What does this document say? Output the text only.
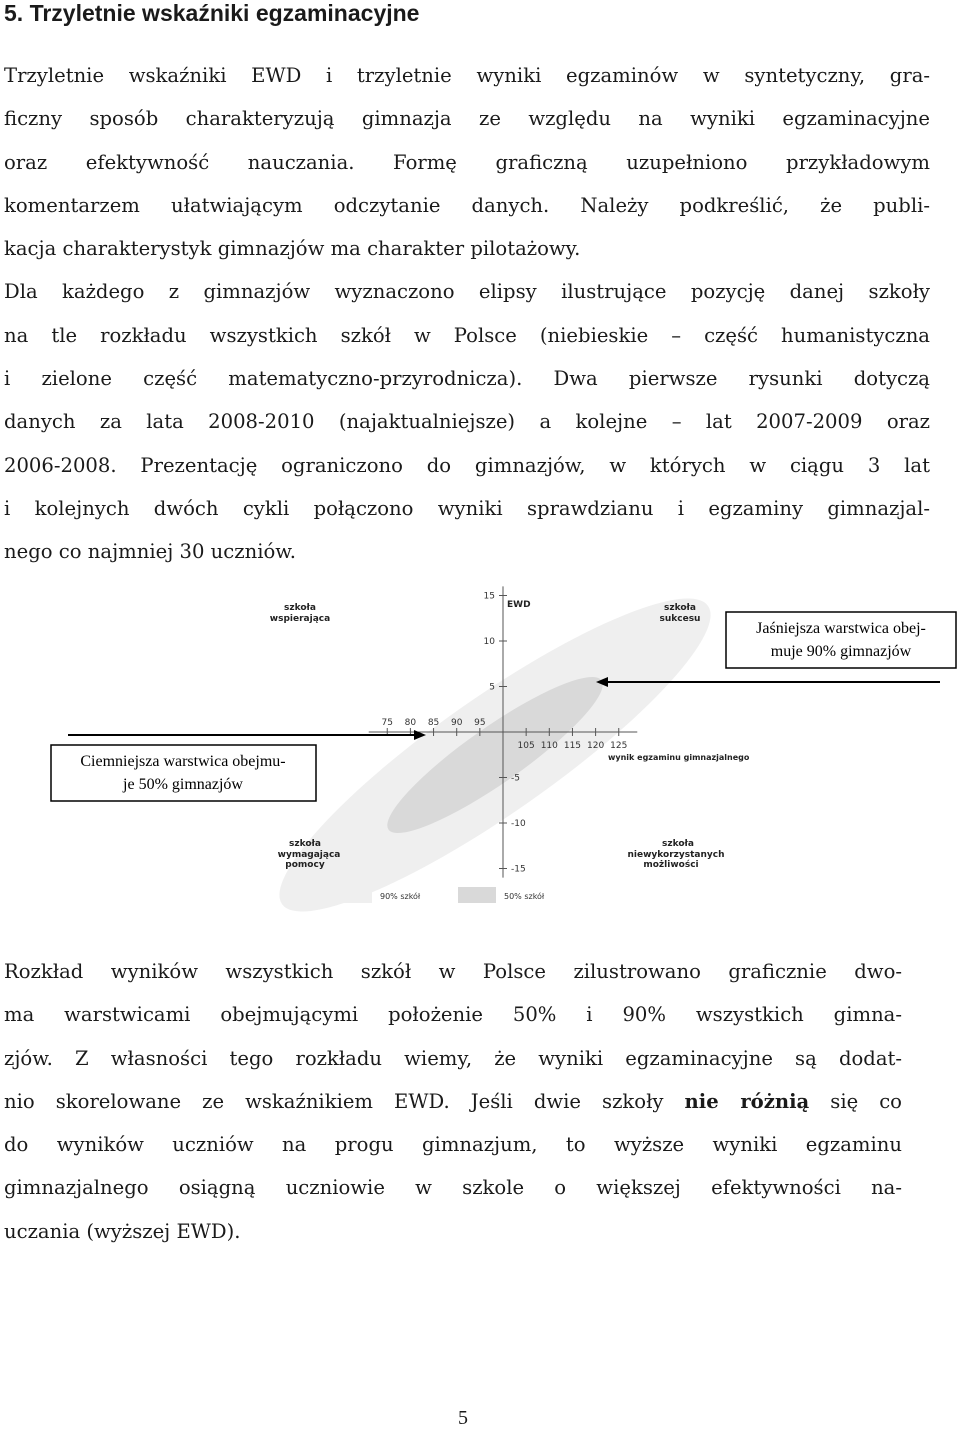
5. Trzyletnie wskaźniki egzaminacyjne
Trzyletnie wskaźniki EWD i trzyletnie wyniki egzaminów w syntetyczny, gra-
ficzny sposób charakteryzują gimnazja ze względu na wyniki egzaminacyjne
oraz efektywność nauczania. Formę graficzną uzupełniono przykładowym
komentarzem ułatwiającym odczytanie danych. Należy podkreślić, że publi-
kacja charakterystyk gimnazjów ma charakter pilotażowy.
Dla każdego z gimnazjów wyznaczono elipsy ilustrujące pozycję danej szkoły
na tle rozkładu wszystkich szkół w Polsce (niebieskie – część humanistyczna
i zielone część matematyczno-przyrodnicza). Dwa pierwsze rysunki dotyczą
danych za lata 2008-2010 (najaktualniejsze) a kolejne – lat 2007-2009 oraz
2006-2008. Prezentację ograniczono do gimnazjów, w których w ciągu 3 lat
i kolejnych dwóch cykli połączono wyniki sprawdzianu i egzaminy gimnazjal-
nego co najmniej 30 uczniów.
75 80 85 90 95
105 110 115 120 125
15
10
5
-5
-10
-15
szkoła
wspierająca
szkoła
sukcesu
szkoła
wymagająca
pomocy
szkoła
niewykorzystanych
możliwości
EWD
wynik egzaminu gimnazjalnego
Jaśniejsza warstwica obej-
muje 90% gimnazjów
Ciemniejsza warstwica obejmu-
je 50% gimnazjów
90% szkół	50% szkół
Rozkład wyników wszystkich szkół w Polsce zilustrowano graficznie dwo-
ma warstwicami obejmującymi położenie 50% i 90% wszystkich gimna-
zjów. Z własności tego rozkładu wiemy, że wyniki egzaminacyjne są dodat-
nio skorelowane ze wskaźnikiem EWD. Jeśli dwie szkoły nie różnią się co
do wyników uczniów na progu gimnazjum, to wyższe wyniki egzaminu
gimnazjalnego osiągną uczniowie w szkole o większej efektywności na-
uczania (wyższej EWD).
5
